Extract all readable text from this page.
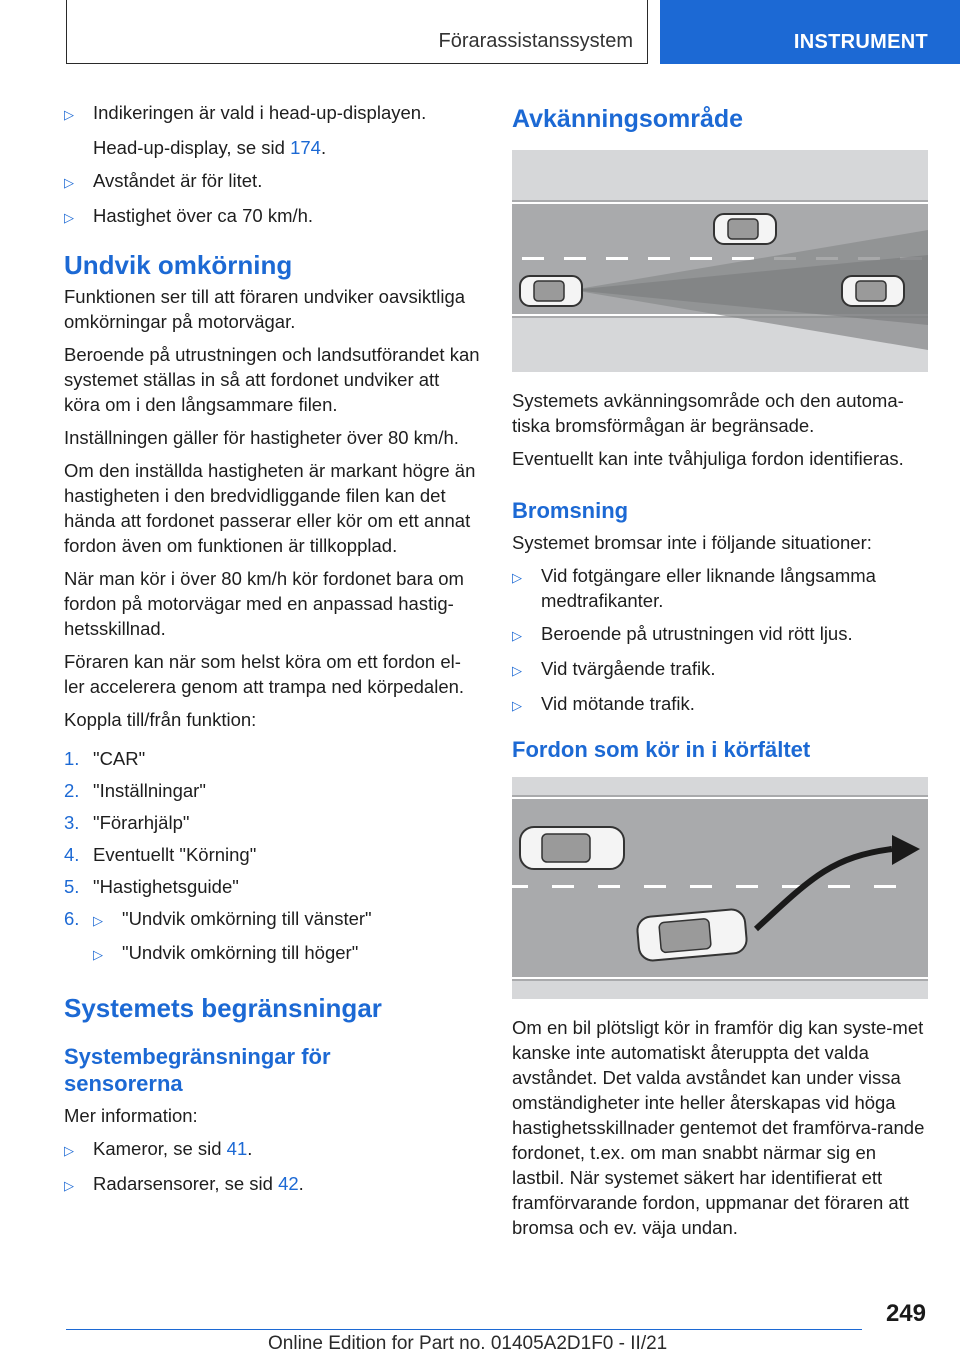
Förarassistanssystem	INSTRUMENT
▷	Indikeringen är vald i head-up-displayen.

Head-up-display, se sid 174.

▷	Avståndet är för litet.
▷	Hastighet över ca 70 km/h.
Undvik omkörning

Funktionen ser till att föraren undviker oavsiktliga omkörningar på motorvägar.

Beroende på utrustningen och landsutförandet kan systemet ställas in så att fordonet undviker att köra om i den långsammare filen.

Inställningen gäller för hastigheter över 80 km/h.

Om den inställda hastigheten är markant högre än hastigheten i den bredvidliggande filen kan det hända att fordonet passerar eller kör om ett annat fordon även om funktionen är tillkopplad.

När man kör i över 80 km/h kör fordonet bara om fordon på motorvägar med en anpassad hastig-hetsskillnad.

Föraren kan när som helst köra om ett fordon el-ler accelerera genom att trampa ned körpedalen.

Koppla till/från funktion:

1. "CAR"
2. "Inställningar"
3. "Förarhjälp"
4. Eventuellt "Körning"
5. "Hastighetsguide"
6.	▷	"Undvik omkörning till vänster"
▷	"Undvik omkörning till höger"
Systemets begränsningar
Systembegränsningar för sensorerna

Mer information:

▷	Kameror, se sid 41.
▷	Radarsensorer, se sid 42.
Avkänningsområde

Systemets avkänningsområde och den automa-tiska bromsförmågan är begränsade.

Eventuellt kan inte tvåhjuliga fordon identifieras.

Bromsning

Systemet bromsar inte i följande situationer:

▷	Vid fotgängare eller liknande långsamma medtrafikanter.
▷	Beroende på utrustningen vid rött ljus.
▷	Vid tvärgående trafik.
▷	Vid mötande trafik.
Fordon som kör in i körfältet

Om en bil plötsligt kör in framför dig kan syste-met kanske inte automatiskt återuppta det valda avståndet. Det valda avståndet kan under vissa omständigheter inte heller återskapas vid höga hastighetsskillnader gentemot det framförva-rande fordonet, t.ex. om man snabbt närmar sig en lastbil. När systemet säkert har identifierat ett framförvarande fordon, uppmanar det föraren att bromsa och ev. väja undan.

249
Online Edition for Part no. 01405A2D1F0 - II/21
